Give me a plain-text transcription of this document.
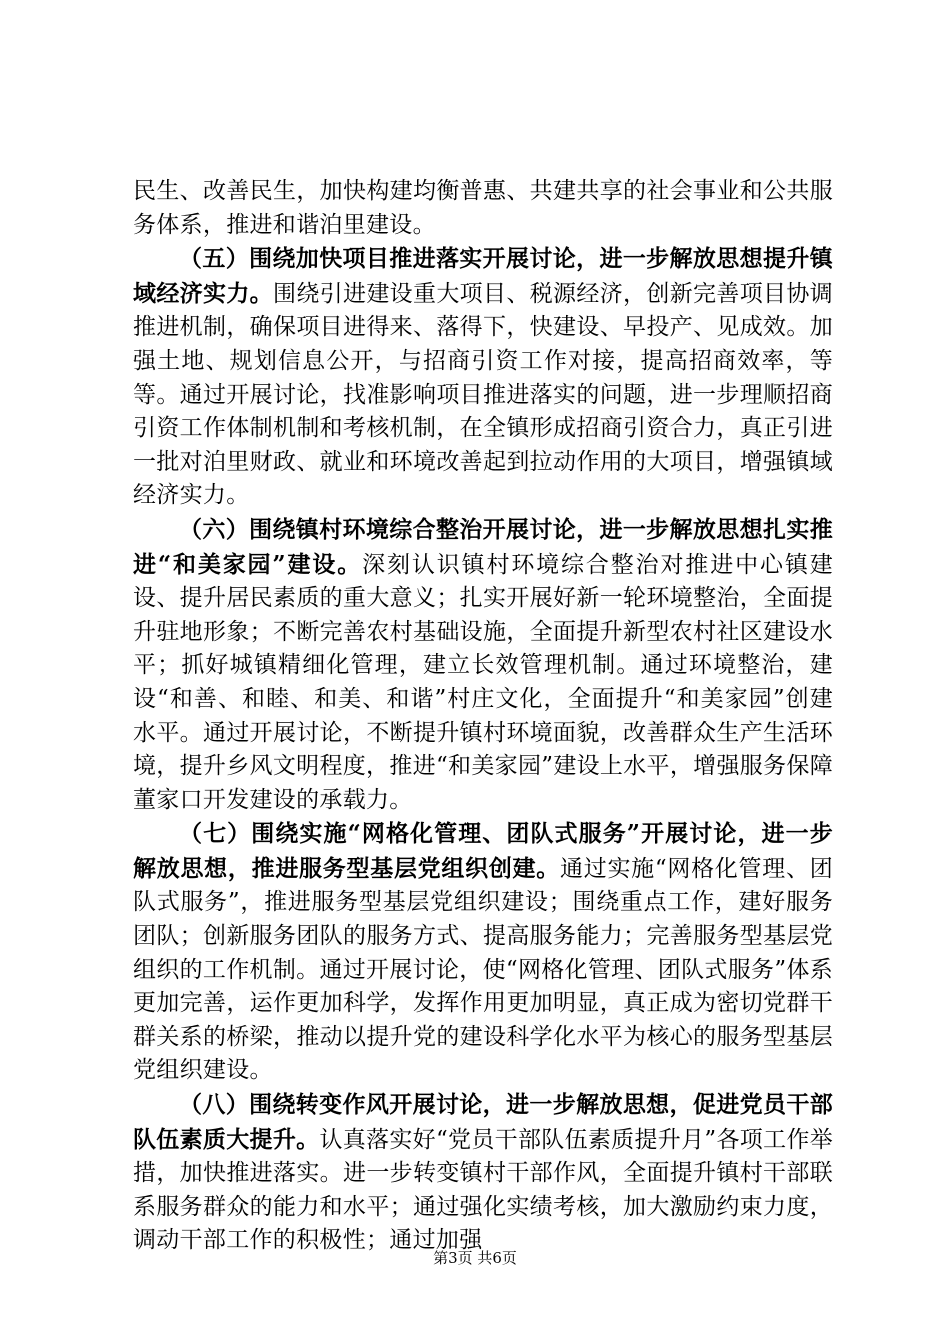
民生、改善民生，加快构建均衡普惠、共建共享的社会事业和公共服务体系，推进和谐泊里建设。

（五）围绕加快项目推进落实开展讨论，进一步解放思想提升镇域经济实力。围绕引进建设重大项目、税源经济，创新完善项目协调推进机制，确保项目进得来、落得下，快建设、早投产、见成效。加强土地、规划信息公开，与招商引资工作对接，提高招商效率，等等。通过开展讨论，找准影响项目推进落实的问题，进一步理顺招商引资工作体制机制和考核机制，在全镇形成招商引资合力，真正引进一批对泊里财政、就业和环境改善起到拉动作用的大项目，增强镇域经济实力。

（六）围绕镇村环境综合整治开展讨论，进一步解放思想扎实推进“和美家园”建设。深刻认识镇村环境综合整治对推进中心镇建设、提升居民素质的重大意义；扎实开展好新一轮环境整治，全面提升驻地形象；不断完善农村基础设施，全面提升新型农村社区建设水平；抓好城镇精细化管理，建立长效管理机制。通过环境整治，建设“和善、和睦、和美、和谐”村庄文化，全面提升“和美家园”创建水平。通过开展讨论，不断提升镇村环境面貌，改善群众生产生活环境，提升乡风文明程度，推进“和美家园”建设上水平，增强服务保障董家口开发建设的承载力。

（七）围绕实施“网格化管理、团队式服务”开展讨论，进一步解放思想，推进服务型基层党组织创建。通过实施“网格化管理、团队式服务”，推进服务型基层党组织建设；围绕重点工作，建好服务团队；创新服务团队的服务方式、提高服务能力；完善服务型基层党组织的工作机制。通过开展讨论，使“网格化管理、团队式服务”体系更加完善，运作更加科学，发挥作用更加明显，真正成为密切党群干群关系的桥梁，推动以提升党的建设科学化水平为核心的服务型基层党组织建设。

（八）围绕转变作风开展讨论，进一步解放思想，促进党员干部队伍素质大提升。认真落实好“党员干部队伍素质提升月”各项工作举措，加快推进落实。进一步转变镇村干部作风，全面提升镇村干部联系服务群众的能力和水平；通过强化实绩考核，加大激励约束力度，调动干部工作的积极性；通过加强

第3页 共6页
